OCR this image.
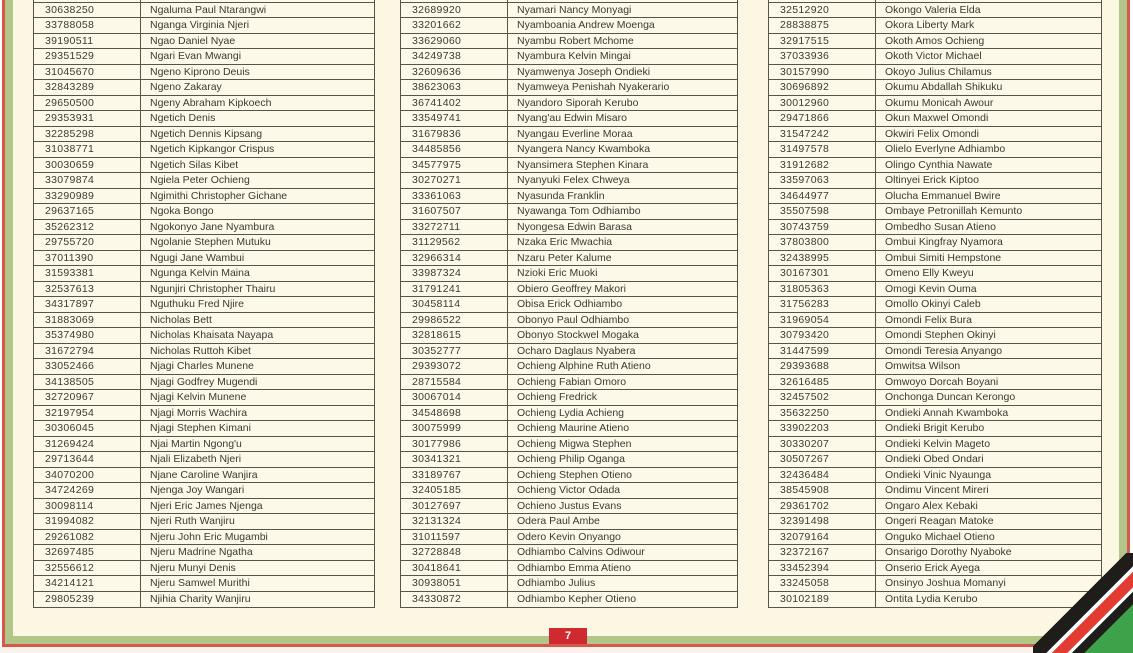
30638250	Ngaluma Paul Ntarangwi
33788058	Nganga Virginia Njeri
39190511	Ngao Daniel Nyae
29351529	Ngari Evan Mwangi
31045670	Ngeno Kiprono Deuis
32843289	Ngeno Zakaray
29650500	Ngeny Abraham Kipkoech
29353931	Ngetich Denis
32285298	Ngetich Dennis Kipsang
31038771	Ngetich Kipkangor Crispus
30030659	Ngetich Silas Kibet
33079874	Ngiela Peter Ochieng
33290989	Ngimithi Christopher Gichane
29637165	Ngoka Bongo
35262312	Ngokonyo Jane Nyambura
29755720	Ngolanie Stephen Mutuku
37011390	Ngugi Jane Wambui
31593381	Ngunga Kelvin Maina
32537613	Ngunjiri Christopher Thairu
34317897	Nguthuku Fred Njire
31883069	Nicholas Bett
35374980	Nicholas Khaisata Nayapa
31672794	Nicholas Ruttoh Kibet
33052466	Njagi Charles Munene
34138505	Njagi Godfrey Mugendi
32720967	Njagi Kelvin Munene
32197954	Njagi Morris Wachira
30306045	Njagi Stephen Kimani
31269424	Njai Martin Ngong'u
29713644	Njali Elizabeth Njeri
34070200	Njane Caroline Wanjira
34724269	Njenga Joy Wangari
30098114	Njeri Eric James Njenga
31994082	Njeri Ruth Wanjiru
29261082	Njeru John Eric Mugambi
32697485	Njeru Madrine Ngatha
32556612	Njeru Munyi Denis
34214121	Njeru Samwel Murithi
29805239	Njihia Charity Wanjiru
32689920	Nyamari Nancy Monyagi
33201662	Nyamboania Andrew Moenga
33629060	Nyambu Robert Mchome
34249738	Nyambura Kelvin Mingai
32609636	Nyamwenya Joseph Ondieki
38623063	Nyamweya Penishah Nyakerario
36741402	Nyandoro Siporah Kerubo
33549741	Nyang'au Edwin Misaro
31679836	Nyangau Everline Moraa
34485856	Nyangera Nancy Kwamboka
34577975	Nyansimera Stephen Kinara
30270271	Nyanyuki Felex Chweya
33361063	Nyasunda Franklin
31607507	Nyawanga Tom Odhiambo
33272711	Nyongesa Edwin Barasa
31129562	Nzaka Eric Mwachia
32966314	Nzaru Peter Kalume
33987324	Nzioki Eric Muoki
31791241	Obiero Geoffrey Makori
30458114	Obisa Erick Odhiambo
29986522	Obonyo Paul Odhiambo
32818615	Obonyo Stockwel Mogaka
30352777	Ocharo Daglaus Nyabera
29393072	Ochieng Alphine Ruth Atieno
28715584	Ochieng Fabian Omoro
30067014	Ochieng Fredrick
34548698	Ochieng Lydia Achieng
30075999	Ochieng Maurine Atieno
30177986	Ochieng Migwa Stephen
30341321	Ochieng Philip Oganga
33189767	Ochieng Stephen Otieno
32405185	Ochieng Victor Odada
30127697	Ochieno Justus Evans
32131324	Odera Paul Ambe
31011597	Odero Kevin Onyango
32728848	Odhiambo Calvins Odiwour
30418641	Odhiambo Emma Atieno
30938051	Odhiambo Julius
34330872	Odhiambo Kepher Otieno
32512920	Okongo Valeria Elda
28838875	Okora Liberty Mark
32917515	Okoth Amos Ochieng
37033936	Okoth Victor Michael
30157990	Okoyo Julius Chilamus
30696892	Okumu Abdallah Shikuku
30012960	Okumu Monicah Awour
29471866	Okun Maxwel Omondi
31547242	Okwiri Felix Omondi
31497578	Olielo Everlyne Adhiambo
31912682	Olingo Cynthia Nawate
33597063	Oltinyei Erick Kiptoo
34644977	Olucha Emmanuel Bwire
35507598	Ombaye Petronillah Kemunto
30743759	Ombedho Susan Atieno
37803800	Ombui Kingfray Nyamora
32438995	Ombui Simiti Hempstone
30167301	Omeno Elly Kweyu
31805363	Omogi Kevin Ouma
31756283	Omollo Okinyi Caleb
31969054	Omondi Felix Bura
30793420	Omondi Stephen Okinyi
31447599	Omondi Teresia Anyango
29393688	Omwitsa Wilson
32616485	Omwoyo Dorcah Boyani
32457502	Onchonga Duncan Kerongo
35632250	Ondieki Annah Kwamboka
33902203	Ondieki Brigit Kerubo
30330207	Ondieki Kelvin Mageto
30507267	Ondieki Obed Ondari
32436484	Ondieki Vinic Nyaunga
38545908	Ondimu Vincent Mireri
29361702	Ongaro Alex Kebaki
32391498	Ongeri Reagan Matoke
32079164	Onguko Michael Otieno
32372167	Onsarigo Dorothy Nyaboke
33452394	Onserio Erick Ayega
33245058	Onsinyo Joshua Momanyi
30102189	Ontita Lydia Kerubo
7
